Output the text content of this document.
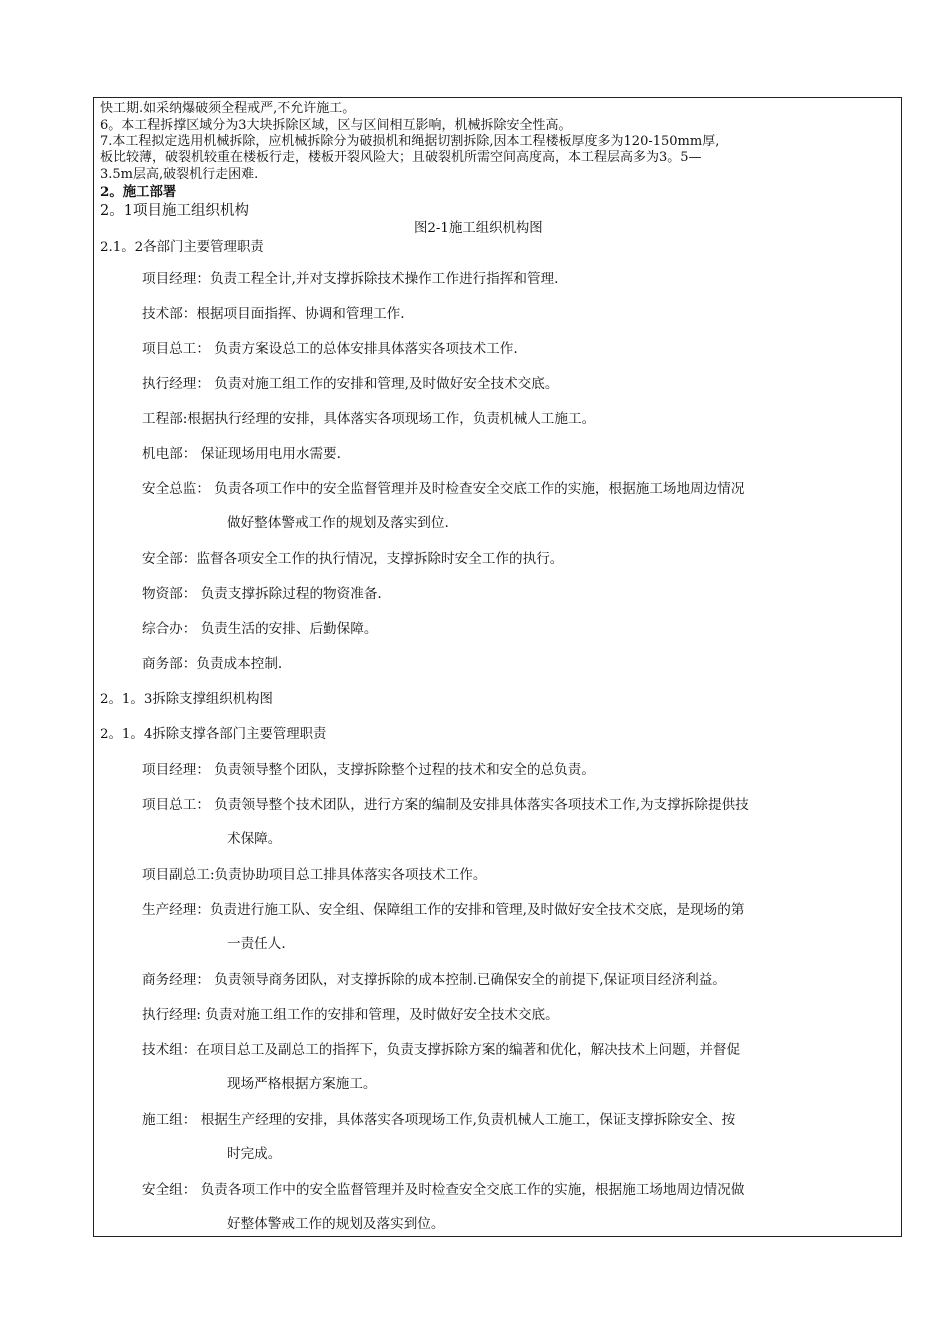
快工期.如采纳爆破须全程戒严,不允许施工。
6。本工程拆撑区域分为3大块拆除区域，区与区间相互影响，机械拆除安全性高。
7.本工程拟定选用机械拆除，应机械拆除分为破损机和绳据切割拆除,因本工程楼板厚度多为120-150mm厚,
板比较薄，破裂机较重在楼板行走，楼板开裂风险大；且破裂机所需空间高度高，本工程层高多为3。5—
3.5m层高,破裂机行走困难.
2。施工部署
2。1项目施工组织机构
图2-1施工组织机构图
2.1。2各部门主要管理职责
项目经理：负责工程全计,并对支撑拆除技术操作工作进行指挥和管理.
技术部：根据项目面指挥、协调和管理工作.
项目总工： 负责方案设总工的总体安排具体落实各项技术工作.
执行经理： 负责对施工组工作的安排和管理,及时做好安全技术交底。
工程部:根据执行经理的安排，具体落实各项现场工作，负责机械人工施工。
机电部： 保证现场用电用水需要.
安全总监： 负责各项工作中的安全监督管理并及时检查安全交底工作的实施，根据施工场地周边情况
做好整体警戒工作的规划及落实到位.
安全部：监督各项安全工作的执行情况，支撑拆除时安全工作的执行。
物资部： 负责支撑拆除过程的物资准备.
综合办： 负责生活的安排、后勤保障。
商务部：负责成本控制.
2。1。3拆除支撑组织机构图
2。1。4拆除支撑各部门主要管理职责
项目经理： 负责领导整个团队，支撑拆除整个过程的技术和安全的总负责。
项目总工： 负责领导整个技术团队，进行方案的编制及安排具体落实各项技术工作,为支撑拆除提供技
术保障。
项目副总工:负责协助项目总工排具体落实各项技术工作。
生产经理：负责进行施工队、安全组、保障组工作的安排和管理,及时做好安全技术交底，是现场的第
一责任人.
商务经理： 负责领导商务团队，对支撑拆除的成本控制.已确保安全的前提下,保证项目经济利益。
执行经理: 负责对施工组工作的安排和管理，及时做好安全技术交底。
技术组：在项目总工及副总工的指挥下，负责支撑拆除方案的编著和优化，解决技术上问题，并督促
现场严格根据方案施工。
施工组： 根据生产经理的安排，具体落实各项现场工作,负责机械人工施工，保证支撑拆除安全、按
时完成。
安全组： 负责各项工作中的安全监督管理并及时检查安全交底工作的实施，根据施工场地周边情况做
好整体警戒工作的规划及落实到位。
